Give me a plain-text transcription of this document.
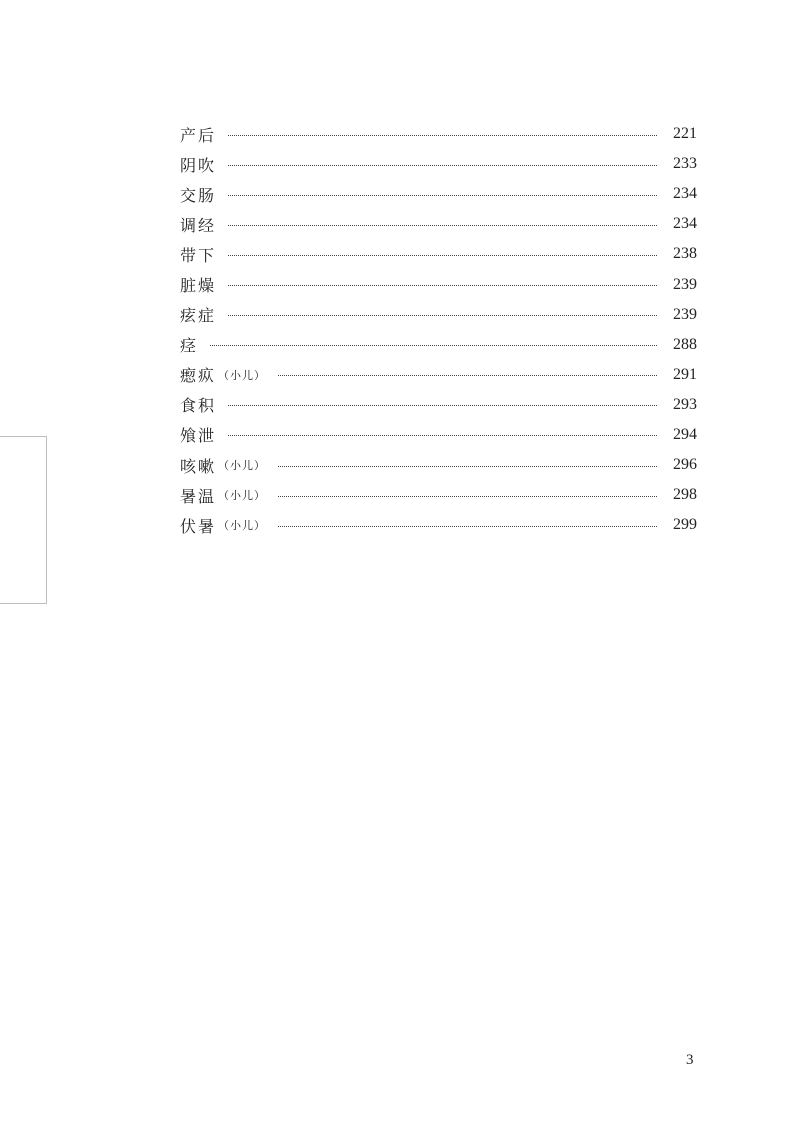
产后	221
阴吹	233
交肠	234
调经	234
带下	238
脏燥	239
痃症	239
痉	288
瘛疭 （小儿）	291
食积	293
飧泄	294
咳嗽 （小儿）	296
暑温 （小儿）	298
伏暑 （小儿）	299
3
